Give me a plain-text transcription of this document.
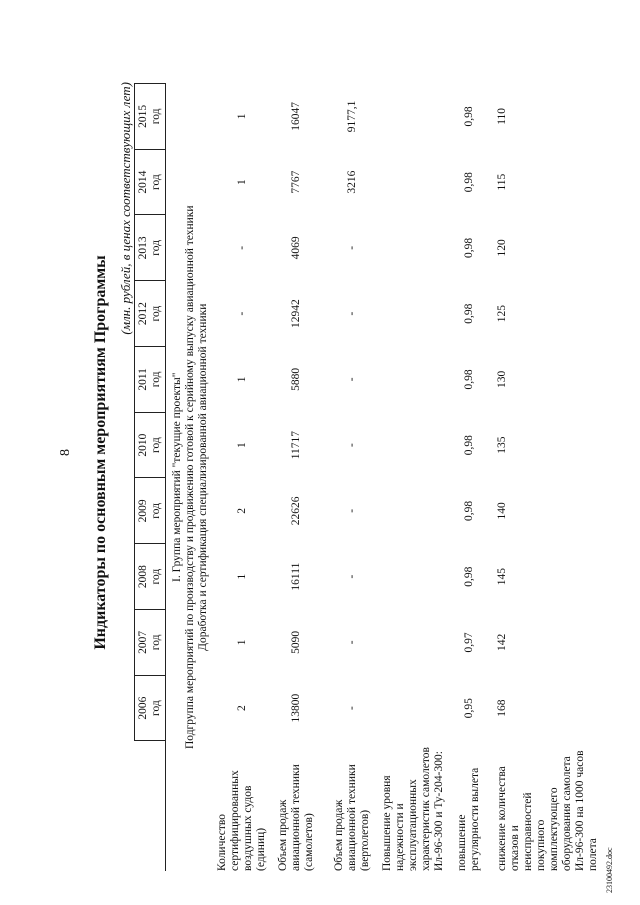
8 Индикаторы по основным мероприятиям Программы
(млн. рублей, в ценах соответствующих лет)

	2006 год	2007 год	2008 год	2009 год	2010 год	2011 год	2012 год	2013 год	2014 год	2015 год

I. Группа мероприятий "текущие проекты"										
Подгруппа мероприятий по производству и продвижению готовой к серийному выпуску авиационной техники										
Доработка и сертификация специализированной авиационной техники										
Количество сертифицированных воздушных судов (единиц)	2	1	1	2	1	1	-	-	1	1
Объем продаж авиационной техники (самолетов)	13800	5090	16111	22626	11717	5880	12942	4069	7767	16047
Объем продаж авиационной техники (вертолетов)	-	-	-	-	-	-	-	-	3216	9177,1
Повышение уровня надежности и эксплуатационных характеристик самолетов Ил-96-300 и Ту-204-300:										
повышение регулярности вылета	0,95	0,97	0,98	0,98	0,98	0,98	0,98	0,98	0,98	0,98
снижение количества отказов и неисправностей покупного комплектующего оборудования самолета Ил-96-300 на 1000 часов полета	168	142	145	140	135	130	125	120	115	110
23100492.doc
